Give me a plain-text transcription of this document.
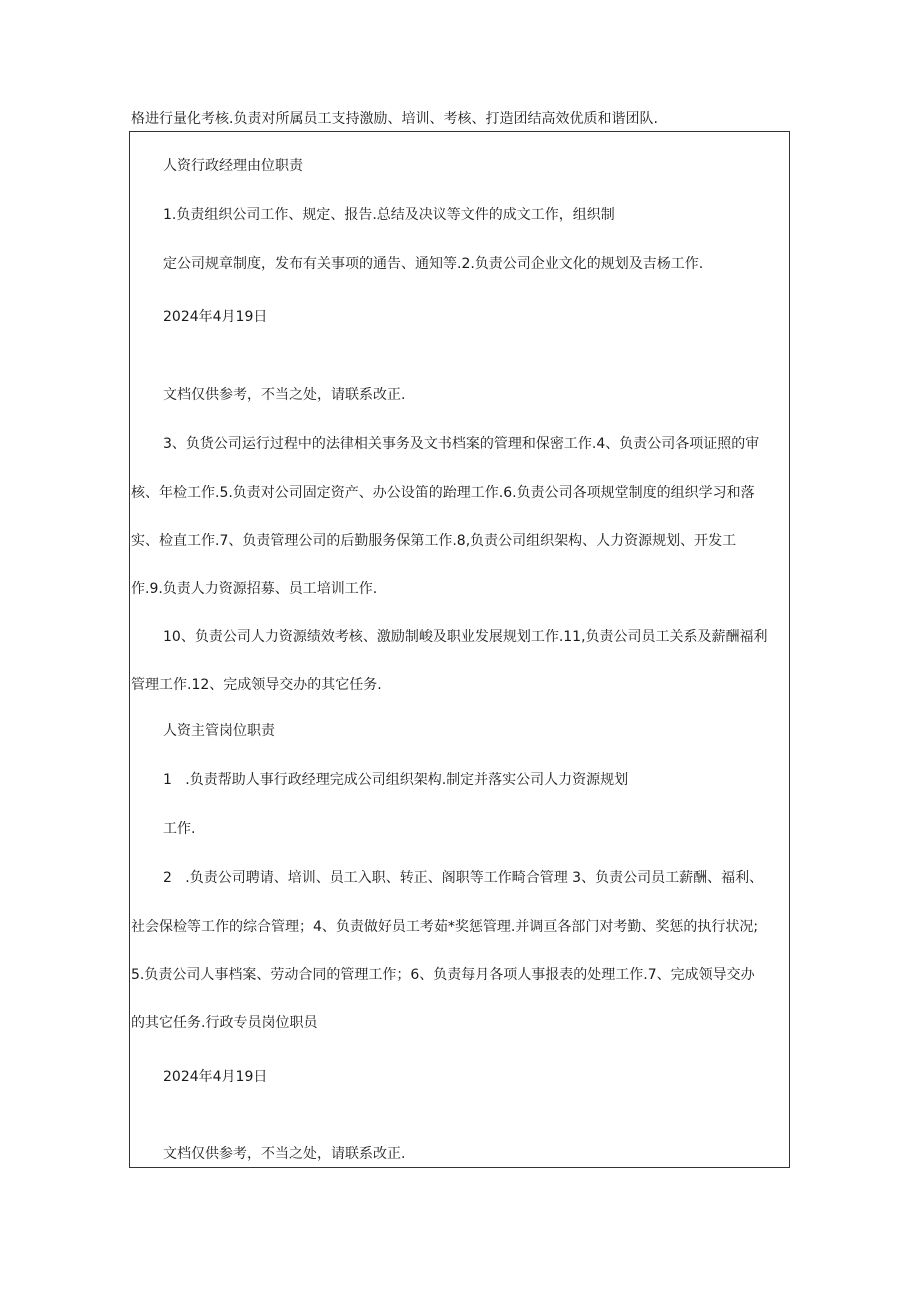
格进行量化考核.负责对所属员工支持激励、培训、考核、打造团结高效优质和谐团队.

人资行政经理由位职责

1.负责组织公司工作、规定、报告.总结及决议等文件的成文工作，组织制

定公司规章制度，发布有关事项的通告、通知等.2.负责公司企业文化的规划及吉杨工作.

2024年4月19日

文档仅供参考，不当之处，请联系改正.

3、负货公司运行过程中的法律相关事务及文书档案的管理和保密工作.4、负责公司各项证照的审

核、年检工作.5.负责对公司固定资产、办公设笛的跆理工作.6.负责公司各项规堂制度的组织学习和落

实、检直工作.7、负责管理公司的后勤服务保第工作.8,负责公司组织架构、人力资源规划、开发工

作.9.负责人力资源招募、员工培训工作.

10、负责公司人力资源绩效考核、激励制峻及职业发展规划工作.11,负责公司员工关系及薪酬福利

管理工作.12、完成领导交办的其它任务.

人资主管岗位职责

1   .负责帮助人事行政经理完成公司组织架构.制定并落实公司人力资源规划

工作.

2   .负责公司聘请、培训、员工入职、转正、阁职等工作畸合管理 3、负责公司员工薪酬、福利、

社会保检等工作的综合管理；4、负责做好员工考茹*奖惩管理.并调亘各部门对考勤、奖惩的执行状况;

5.负责公司人事档案、劳动合同的管理工作；6、负责每月各项人事报表的处理工作.7、完成领导交办

的其它任务.行政专员岗位职员

2024年4月19日

文档仅供参考，不当之处，请联系改正.
